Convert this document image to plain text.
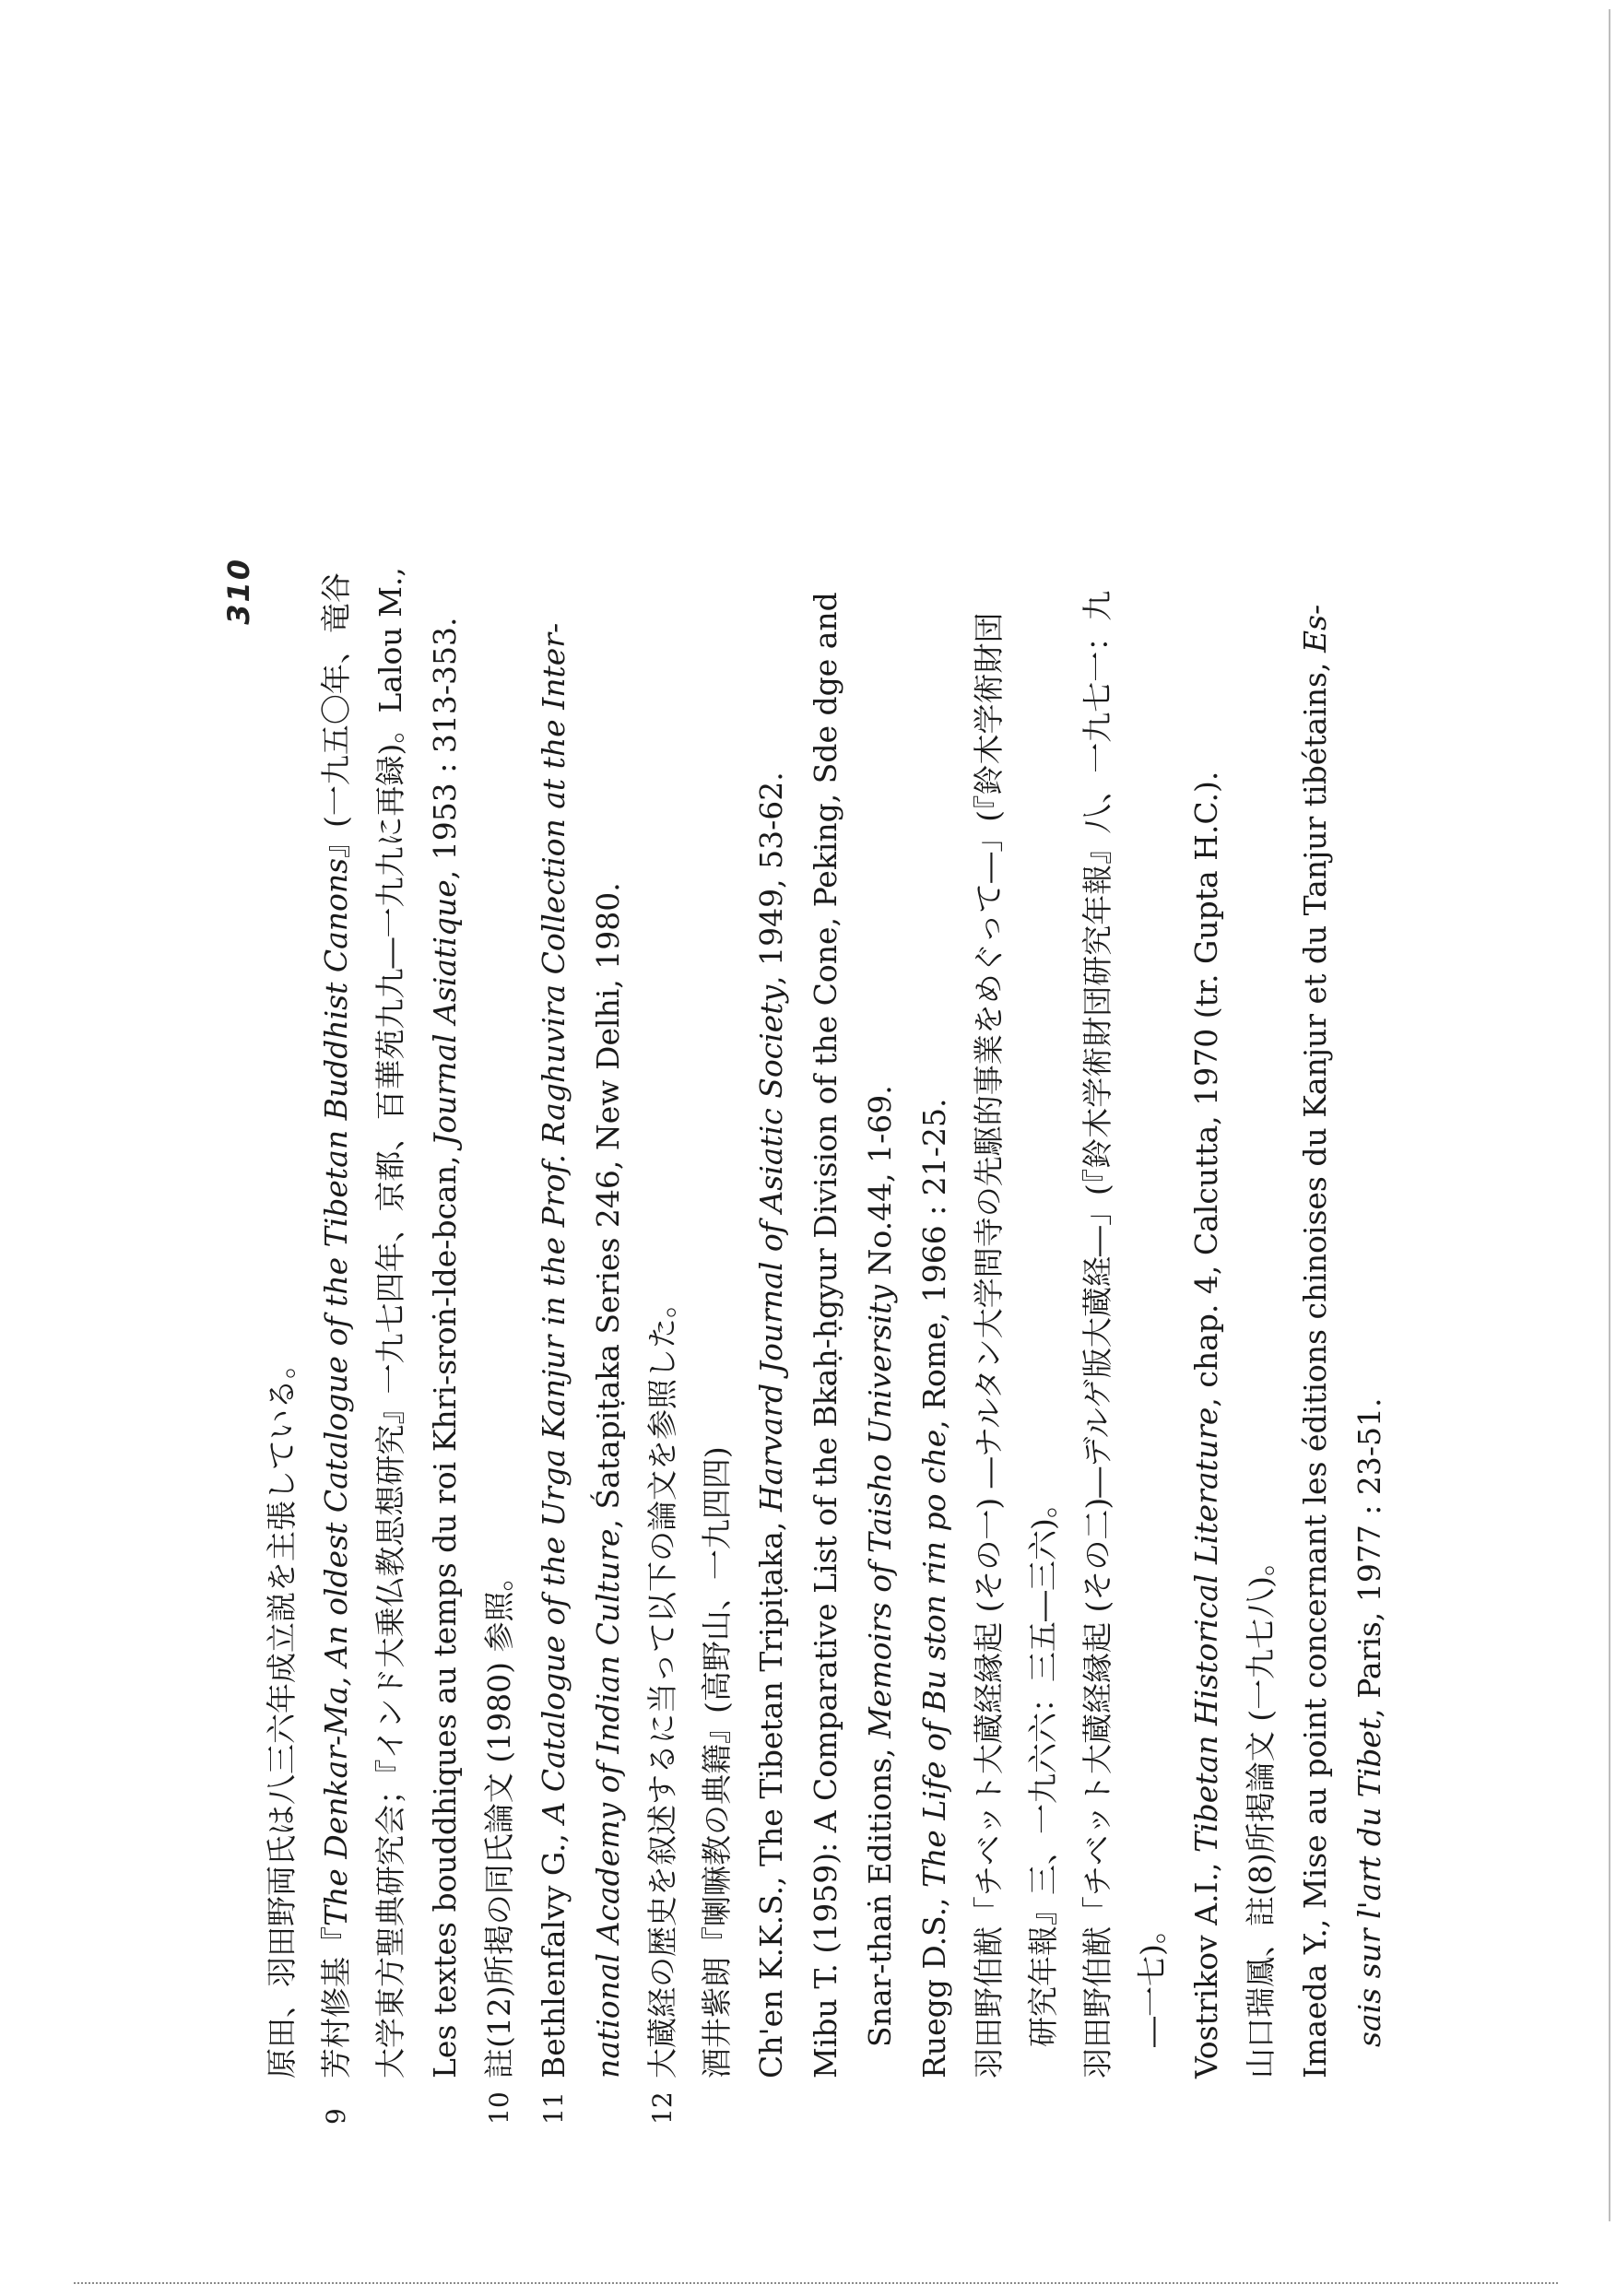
310
原田、羽田野両氏は八三六年成立説を主張している。
9
芳村修基『The Denkar-Ma, An oldest Catalogue of the Tibetan Buddhist Canons』(一九五〇年、竜谷 大学東方聖典研究会；『インド大乗仏教思想研究』一九七四年、京都、百華苑九九―一九九に再録)。Lalou M., Les textes bouddhiques au temps du roi Khri-sroṅ-lde-bcan, Journal Asiatique, 1953 : 313-353.
10
註(12)所掲の同氏論文 (1980) 参照。
11
Bethlenfalvy G., A Catalogue of the Urga Kanjur in the Prof. Raghuvira Collection at the Inter- national Academy of Indian Culture, Śatapiṭaka Series 246, New Delhi, 1980.
12
大蔵経の歴史を叙述するに当って以下の論文を参照した。 酒井紫朗『喇嘛教の典籍』(高野山、一九四四) Ch'en K.K.S., The Tibetan Tripiṭaka, Harvard Journal of Asiatic Society, 1949, 53-62. Mibu T. (1959): A Comparative List of the Bkaḥ-ḥgyur Division of the Cone, Peking, Sde dge and Snar-thaṅ Editions, Memoirs of Taisho University No.44, 1-69.
Ruegg D.S., The Life of Bu ston rin po che, Rome, 1966 : 21-25. 羽田野伯猷「チベット大蔵経縁起 (その一) ―ナルタン大学問寺の先駆的事業をめぐって―」(『鈴木学術財団 研究年報』三、一九六六：三五―三六)。 羽田野伯猷「チベット大蔵経縁起 (その二)―デルゲ版大蔵経―」(『鈴木学術財団研究年報』八、一九七一：九 ―一七)。 Vostrikov A.I., Tibetan Historical Literature, chap. 4, Calcutta, 1970 (tr. Gupta H.C.).
山口瑞鳳、註(8)所掲論文 (一九七八)。 Imaeda Y., Mise au point concernant les éditions chinoises du Kanjur et du Tanjur tibétains, Es-
sais sur l'art du Tibet, Paris, 1977 : 23-51.
